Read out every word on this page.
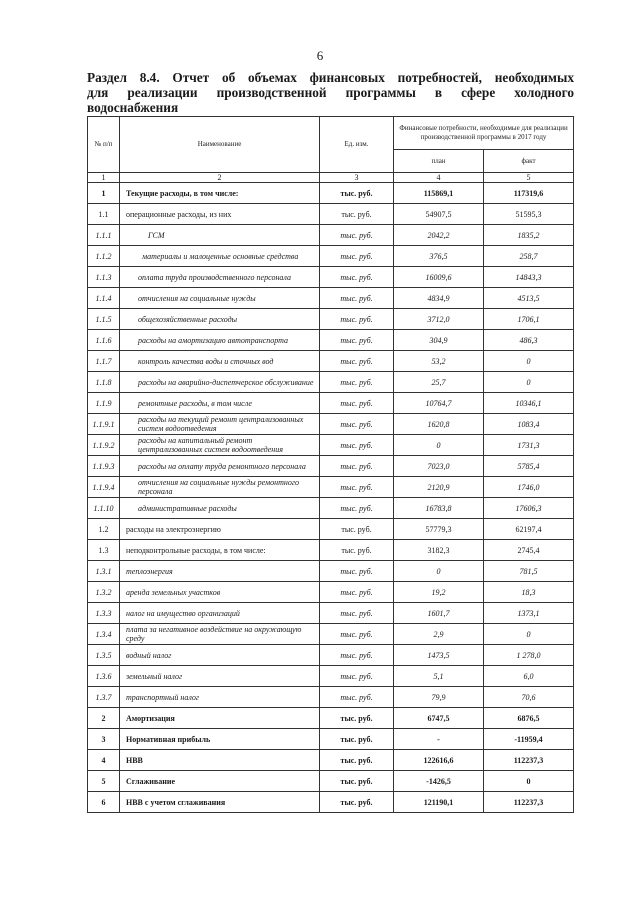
6
Раздел 8.4. Отчет об объемах финансовых потребностей, необходимых
для реализации производственной программы в сфере холодного
водоснабжения
№ п/п	Наименование	Ед. изм.	Финансовые потребности, необходимые для реализации производственной программы в 2017 году	
			план	факт
1	2	3	4	5
1	Текущие расходы, в том числе:	тыс. руб.	115869,1	117319,6
1.1	операционные расходы, из них	тыс. руб.	54907,5	51595,3
1.1.1	ГСМ	тыс. руб.	2042,2	1835,2
1.1.2	материалы и малоценные основные средства	тыс. руб.	376,5	258,7
1.1.3	оплата труда производственного персонала	тыс. руб.	16009,6	14843,3
1.1.4	отчисления на социальные нужды	тыс. руб.	4834,9	4513,5
1.1.5	общехозяйственные расходы	тыс. руб.	3712,0	1706,1
1.1.6	расходы на амортизацию автотранспорта	тыс. руб.	304,9	486,3
1.1.7	контроль качества воды и сточных вод	тыс. руб.	53,2	0
1.1.8	расходы на аварийно-диспетчерское обслуживание	тыс. руб.	25,7	0
1.1.9	ремонтные расходы, в том числе	тыс. руб.	10764,7	10346,1
1.1.9.1	расходы на текущий ремонт централизованных систем водоотведения	тыс. руб.	1620,8	1083,4
1.1.9.2	расходы на капитальный ремонт централизованных систем водоотведения	тыс. руб.	0	1731,3
1.1.9.3	расходы на оплату труда ремонтного персонала	тыс. руб.	7023,0	5785,4
1.1.9.4	отчисления на социальные нужды ремонтного персонала	тыс. руб.	2120,9	1746,0
1.1.10	административные расходы	тыс. руб.	16783,8	17606,3
1.2	расходы на электроэнергию	тыс. руб.	57779,3	62197,4
1.3	неподконтрольные расходы, в том числе:	тыс. руб.	3182,3	2745,4
1.3.1	теплоэнергия	тыс. руб.	0	781,5
1.3.2	аренда земельных участков	тыс. руб.	19,2	18,3
1.3.3	налог на имущество организаций	тыс. руб.	1601,7	1373,1
1.3.4	плата за негативное воздействие на окружающую среду	тыс. руб.	2,9	0
1.3.5	водный налог	тыс. руб.	1473,5	1 278,0
1.3.6	земельный налог	тыс. руб.	5,1	6,0
1.3.7	транспортный налог	тыс. руб.	79,9	70,6
2	Амортизация	тыс. руб.	6747,5	6876,5
3	Нормативная прибыль	тыс. руб.	-	-11959,4
4	НВВ	тыс. руб.	122616,6	112237,3
5	Сглаживание	тыс. руб.	-1426,5	0
6	НВВ с учетом сглаживания	тыс. руб.	121190,1	112237,3
